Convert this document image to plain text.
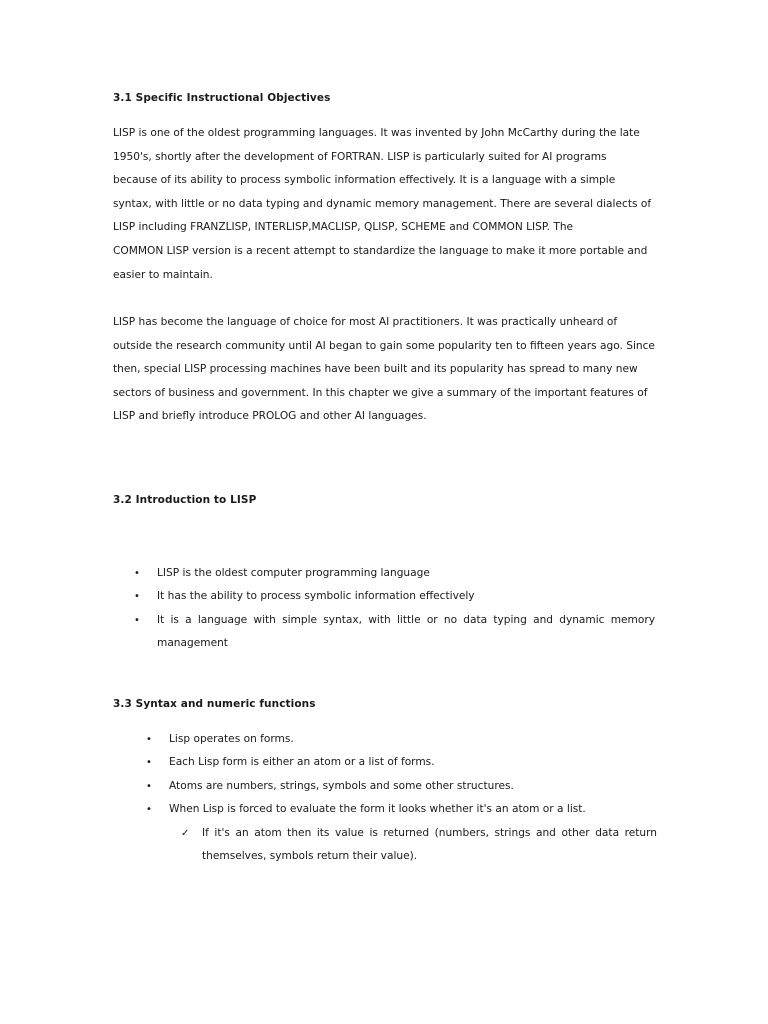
3.1 Specific Instructional Objectives
LISP is one of the oldest programming languages. It was invented by John McCarthy during the late
1950's, shortly after the development of FORTRAN. LISP is particularly suited for AI programs
because of its ability to process symbolic information effectively. It is a language with a simple
syntax, with little or no data typing and dynamic memory management. There are several dialects of
LISP including FRANZLISP, INTERLISP,MACLISP, QLISP, SCHEME and COMMON LISP. The
COMMON LISP version is a recent attempt to standardize the language to make it more portable and
easier to maintain.
LISP has become the language of choice for most AI practitioners. It was practically unheard of
outside the research community until AI began to gain some popularity ten to fifteen years ago. Since
then, special LISP processing machines have been built and its popularity has spread to many new
sectors of business and government. In this chapter we give a summary of the important features of
LISP and briefly introduce PROLOG and other AI languages.
3.2 Introduction to LISP
• LISP is the oldest computer programming language
• It has the ability to process symbolic information effectively
• It is a language with simple syntax, with little or no data typing and dynamic memory management
3.3 Syntax and numeric functions
• Lisp operates on forms.
• Each Lisp form is either an atom or a list of forms.
• Atoms are numbers, strings, symbols and some other structures.
• When Lisp is forced to evaluate the form it looks whether it's an atom or a list.
✓ If it's an atom then its value is returned (numbers, strings and other data return themselves, symbols return their value).
